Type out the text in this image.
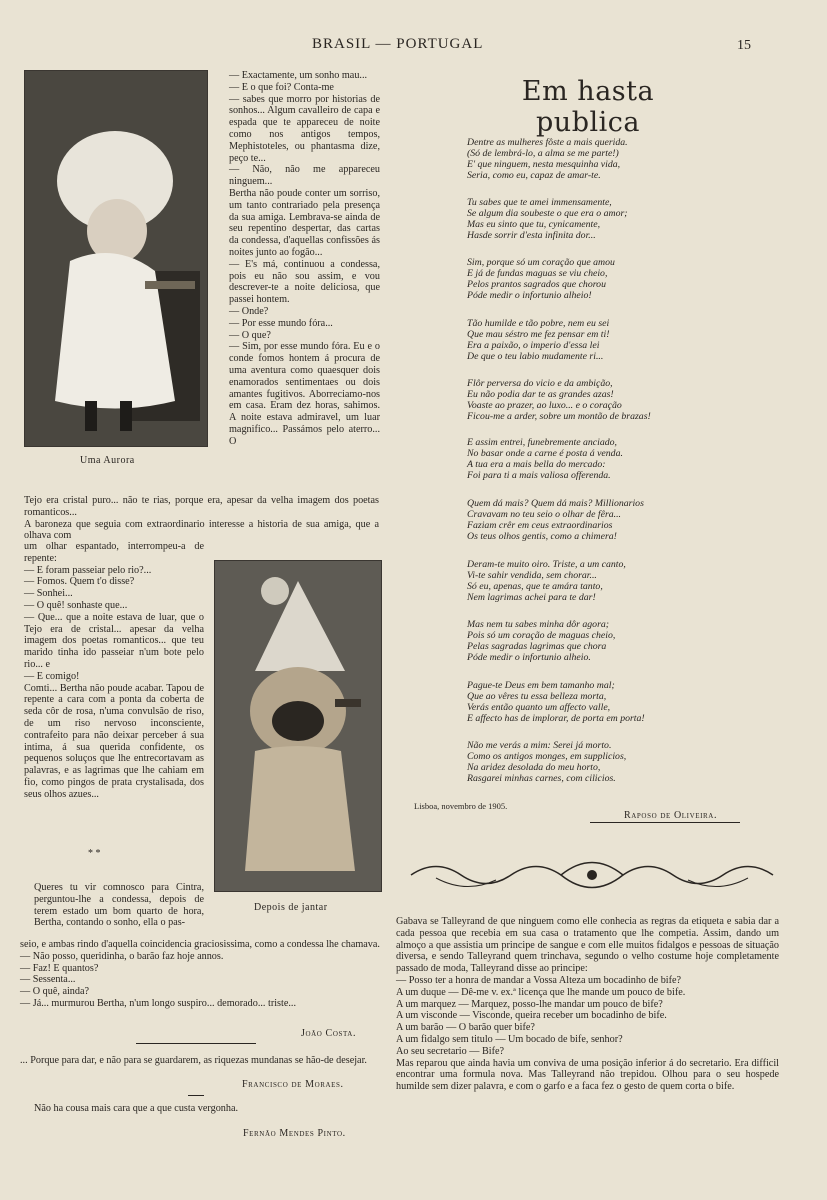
BRASIL — PORTUGAL	15
Uma Aurora
— Exactamente, um sonho mau...
— E o que foi? Conta-me
— sabes que morro por historias de sonhos... Algum cavalleiro de capa e espada que te appareceu de noite como nos antigos tempos, Mephistoteles, ou phantasma dize, peço te...
— Não, não me appareceu ninguem...
Bertha não poude conter um sorriso, um tanto contrariado pela presença da sua amiga. Lembrava-se ainda de seu repentino despertar, das cartas da condessa, d'aquellas confissões ás noites junto ao fogão...
— E's má, continuou a condessa, pois eu não sou assim, e vou descrever-te a noite deliciosa, que passei hontem.
— Onde?
— Por esse mundo fóra...
— O que?
— Sim, por esse mundo fóra. Eu e o conde fomos hontem á procura de uma aventura como quaesquer dois enamorados sentimentaes ou dois amantes fugitivos. Aborreciamo-nos em casa. Eram dez horas, sahimos. A noite estava admiravel, um luar magnifico... Passámos pelo aterro... O
Tejo era cristal puro... não te rias, porque era, apesar da velha imagem dos poetas romanticos...
A baroneza que seguia com extraordinario interesse a historia de sua amiga, que a olhava com
um olhar espantado, interrompeu-a de repente:
— E foram passeiar pelo rio?...
— Fomos. Quem t'o disse?
— Sonhei...
— O quê! sonhaste que...
— Que... que a noite estava de luar, que o Tejo era de cristal... apesar da velha imagem dos poetas romanticos... que teu marido tinha ido passeiar n'um bote pelo rio... e
— E comigo!
Comti... Bertha não poude acabar. Tapou de repente a cara com a ponta da coberta de seda côr de rosa, n'uma convulsão de riso, de um riso nervoso inconsciente, contrafeito para não deixar perceber á sua intima, á sua querida confidente, os pequenos soluços que lhe entrecortavam as palavras, e as lagrimas que lhe cahiam em fio, como pingos de prata crystalisada, dos seus olhos azues...
Depois de jantar
* *
Queres tu vir comnosco para Cintra, perguntou-lhe a condessa, depois de terem estado um bom quarto de hora, Bertha, contando o sonho, ella o pas-
seio, e ambas rindo d'aquella coincidencia graciosissima, como a condessa lhe chamava.
— Não posso, queridinha, o barão faz hoje annos.
— Faz! E quantos?
— Sessenta...
— O quê, ainda?
— Já... murmurou Bertha, n'um longo suspiro... demorado... triste...
João Costa.
... Porque para dar, e não para se guardarem, as riquezas mundanas se hão-de desejar.
Francisco de Moraes.
Não ha cousa mais cara que a que custa vergonha.
Fernão Mendes Pinto.
Em hasta publica
Dentre as mulheres fôste a mais querida.
(Só de lembrá-lo, a alma se me parte!)
E' que ninguem, nesta mesquinha vida,
Seria, como eu, capaz de amar-te.
Tu sabes que te amei immensamente,
Se algum dia soubeste o que era o amor;
Mas eu sinto que tu, cynicamente,
Hasde sorrir d'esta infinita dor...
Sim, porque só um coração que amou
E já de fundas maguas se viu cheio,
Pelos prantos sagrados que chorou
Póde medir o infortunio alheio!
Tão humilde e tão pobre, nem eu sei
Que mau séstro me fez pensar em ti!
Era a paixão, o imperio d'essa lei
De que o teu labio mudamente ri...
Flôr perversa do vicio e da ambição,
Eu não podia dar te as grandes azas!
Voaste ao prazer, ao luxo... e o coração
Ficou-me a arder, sobre um montão de brazas!
E assim entrei, funebremente anciado,
No basar onde a carne é posta á venda.
A tua era a mais bella do mercado:
Foi para ti a mais valiosa offerenda.
Quem dá mais? Quem dá mais? Millionarios
Cravavam no teu seio o olhar de fêra...
Faziam crêr em ceus extraordinarios
Os teus olhos gentis, como a chimera!
Deram-te muito oiro. Triste, a um canto,
Vi-te sahir vendida, sem chorar...
Só eu, apenas, que te amára tanto,
Nem lagrimas achei para te dar!
Mas nem tu sabes minha dôr agora;
Pois só um coração de maguas cheio,
Pelas sagradas lagrimas que chora
Póde medir o infortunio alheio.
Pague-te Deus em bem tamanho mal;
Que ao vêres tu essa belleza morta,
Verás então quanto um affecto valle,
E affecto has de implorar, de porta em porta!
Não me verás a mim: Serei já morto.
Como os antigos monges, em supplicios,
Na aridez desolada do meu horto,
Rasgarei minhas carnes, com cilicios.
Lisboa, novembro de 1905.
Raposo de Oliveira.
Gabava se Talleyrand de que ninguem como elle conhecia as regras da etiqueta e sabia dar a cada pessoa que recebia em sua casa o tratamento que lhe competia. Assim, dando um almoço a que assistia um principe de sangue e com elle muitos fidalgos e pessoas de situação diversa, e sendo Talleyrand quem trinchava, segundo o velho costume hoje completamente passado de moda, Talleyrand disse ao principe:
— Posso ter a honra de mandar a Vossa Alteza um bocadinho de bife?
A um duque — Dê-me v. ex.ª licença que lhe mande um pouco de bife.
A um marquez — Marquez, posso-lhe mandar um pouco de bife?
A um visconde — Visconde, queira receber um bocadinho de bife.
A um barão — O barão quer bife?
A um fidalgo sem titulo — Um bocado de bife, senhor?
Ao seu secretario — Bife?
Mas reparou que ainda havia um conviva de uma posição inferior á do secretario. Era difficil encontrar uma formula nova. Mas Talleyrand não trepidou. Olhou para o seu hospede humilde sem dizer palavra, e com o garfo e a faca fez o gesto de quem corta o bife.
